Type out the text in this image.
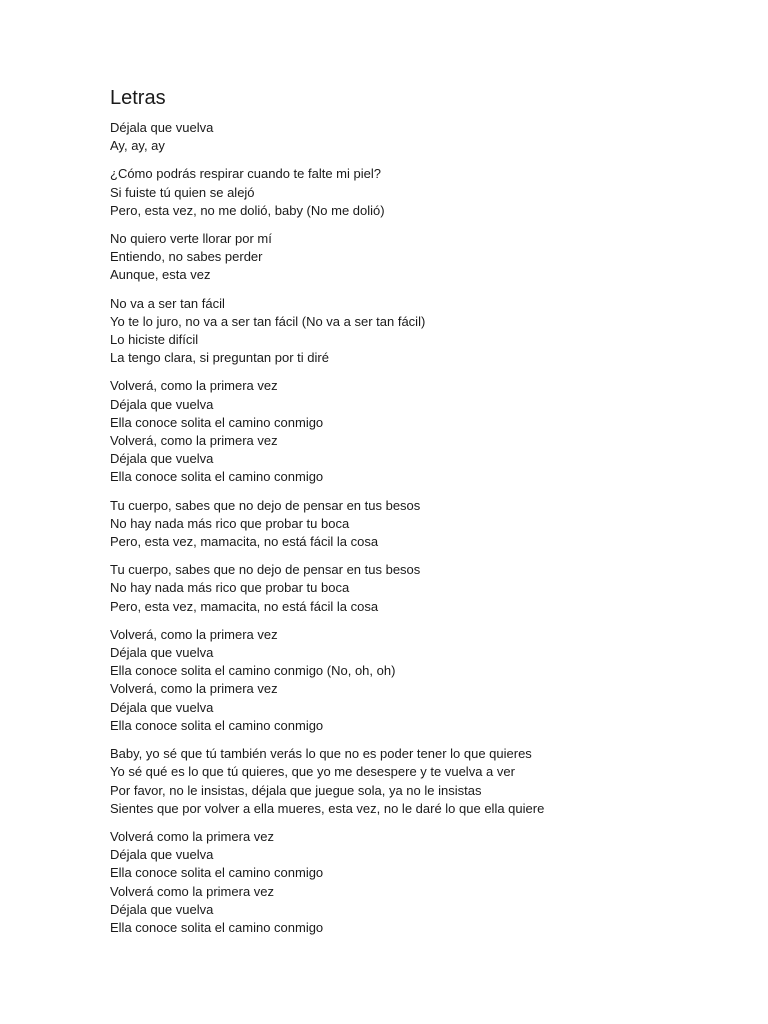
Letras
Déjala que vuelva
Ay, ay, ay
¿Cómo podrás respirar cuando te falte mi piel?
Si fuiste tú quien se alejó
Pero, esta vez, no me dolió, baby (No me dolió)
No quiero verte llorar por mí
Entiendo, no sabes perder
Aunque, esta vez
No va a ser tan fácil
Yo te lo juro, no va a ser tan fácil (No va a ser tan fácil)
Lo hiciste difícil
La tengo clara, si preguntan por ti diré
Volverá, como la primera vez
Déjala que vuelva
Ella conoce solita el camino conmigo
Volverá, como la primera vez
Déjala que vuelva
Ella conoce solita el camino conmigo
Tu cuerpo, sabes que no dejo de pensar en tus besos
No hay nada más rico que probar tu boca
Pero, esta vez, mamacita, no está fácil la cosa
Tu cuerpo, sabes que no dejo de pensar en tus besos
No hay nada más rico que probar tu boca
Pero, esta vez, mamacita, no está fácil la cosa
Volverá, como la primera vez
Déjala que vuelva
Ella conoce solita el camino conmigo (No, oh, oh)
Volverá, como la primera vez
Déjala que vuelva
Ella conoce solita el camino conmigo
Baby, yo sé que tú también verás lo que no es poder tener lo que quieres
Yo sé qué es lo que tú quieres, que yo me desespere y te vuelva a ver
Por favor, no le insistas, déjala que juegue sola, ya no le insistas
Sientes que por volver a ella mueres, esta vez, no le daré lo que ella quiere
Volverá como la primera vez
Déjala que vuelva
Ella conoce solita el camino conmigo
Volverá como la primera vez
Déjala que vuelva
Ella conoce solita el camino conmigo
